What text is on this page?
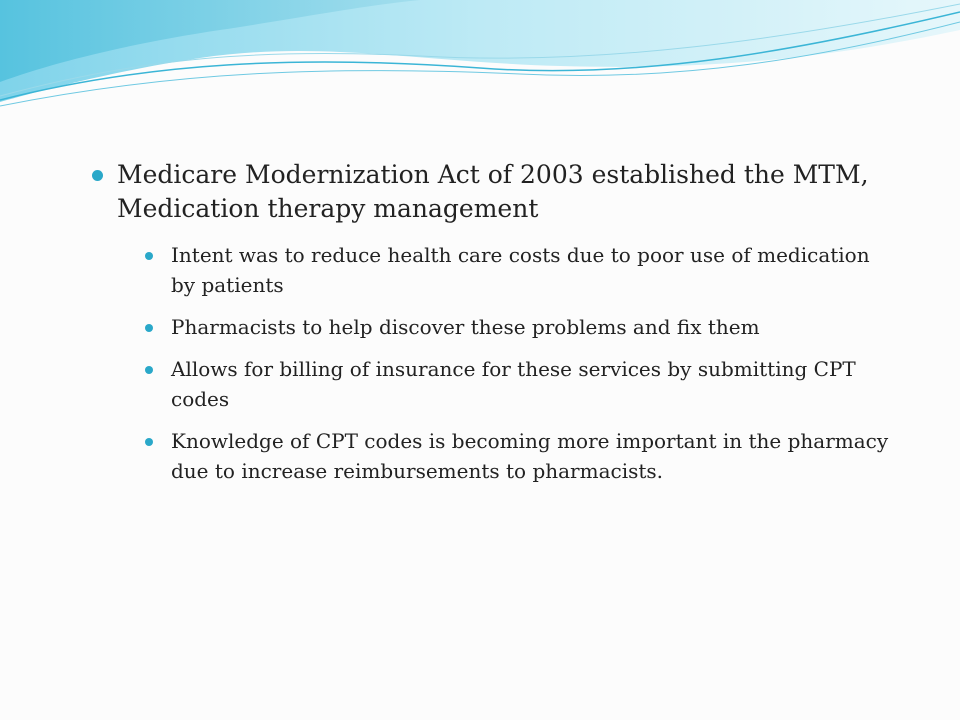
Medicare Modernization Act of 2003 established the MTM, Medication therapy management
Intent was to reduce health care costs due to poor use of medication by patients
Pharmacists to help discover these problems and fix them
Allows for billing of insurance for these services by submitting CPT codes
Knowledge of CPT codes is becoming more important in the pharmacy due to increase reimbursements to pharmacists.
